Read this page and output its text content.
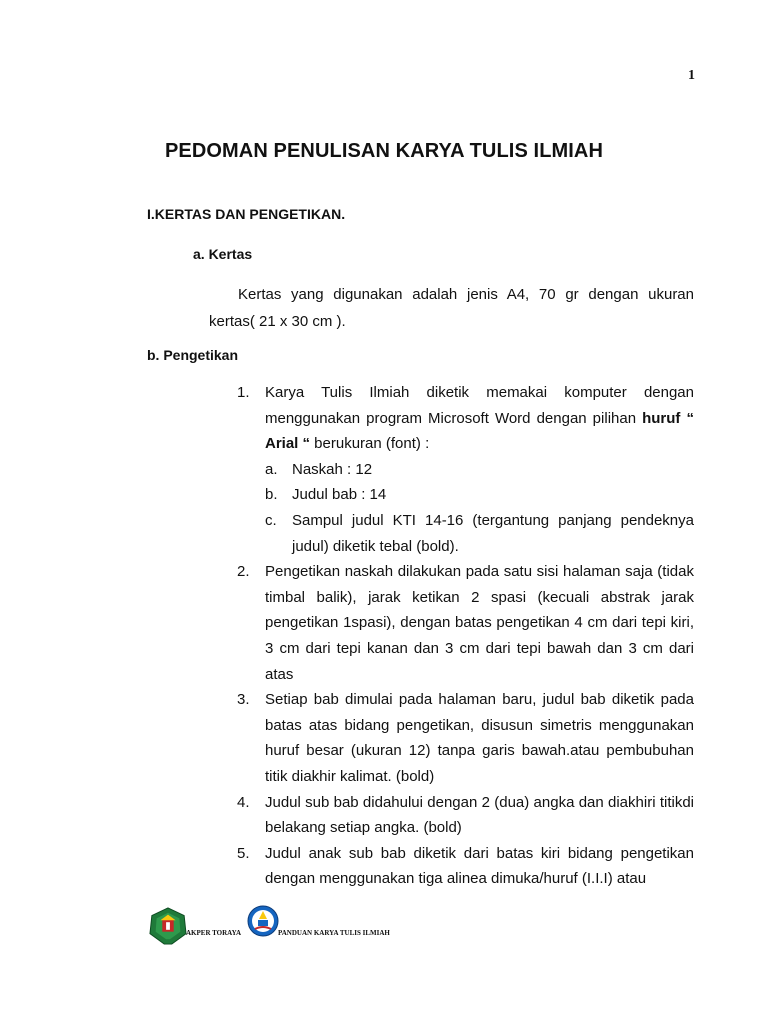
1
PEDOMAN PENULISAN KARYA TULIS ILMIAH
I.KERTAS DAN PENGETIKAN.
a. Kertas
Kertas yang digunakan adalah jenis A4, 70 gr dengan ukuran kertas( 21 x 30 cm ).
b. Pengetikan
1. Karya Tulis Ilmiah diketik memakai komputer dengan menggunakan program Microsoft Word dengan pilihan huruf “ Arial “ berukuran (font) :
a. Naskah : 12
b. Judul bab : 14
c. Sampul judul KTI 14-16 (tergantung panjang pendeknya judul) diketik tebal (bold).
2. Pengetikan naskah dilakukan pada satu sisi halaman saja (tidak timbal balik), jarak ketikan 2 spasi (kecuali abstrak jarak pengetikan 1spasi), dengan batas pengetikan 4 cm dari tepi kiri, 3 cm dari tepi kanan dan 3 cm dari tepi bawah dan 3 cm dari atas
3. Setiap bab dimulai pada halaman baru, judul bab diketik pada batas atas bidang pengetikan, disusun simetris menggunakan huruf besar (ukuran 12) tanpa garis bawah.atau pembubuhan titik diakhir kalimat. (bold)
4. Judul sub bab didahului dengan 2 (dua) angka dan diakhiri titikdi belakang setiap angka. (bold)
5. Judul anak sub bab diketik dari batas kiri bidang pengetikan dengan menggunakan tiga alinea dimuka/huruf (I.I.I) atau
AKPER TORAYA	PANDUAN KARYA TULIS ILMIAH
